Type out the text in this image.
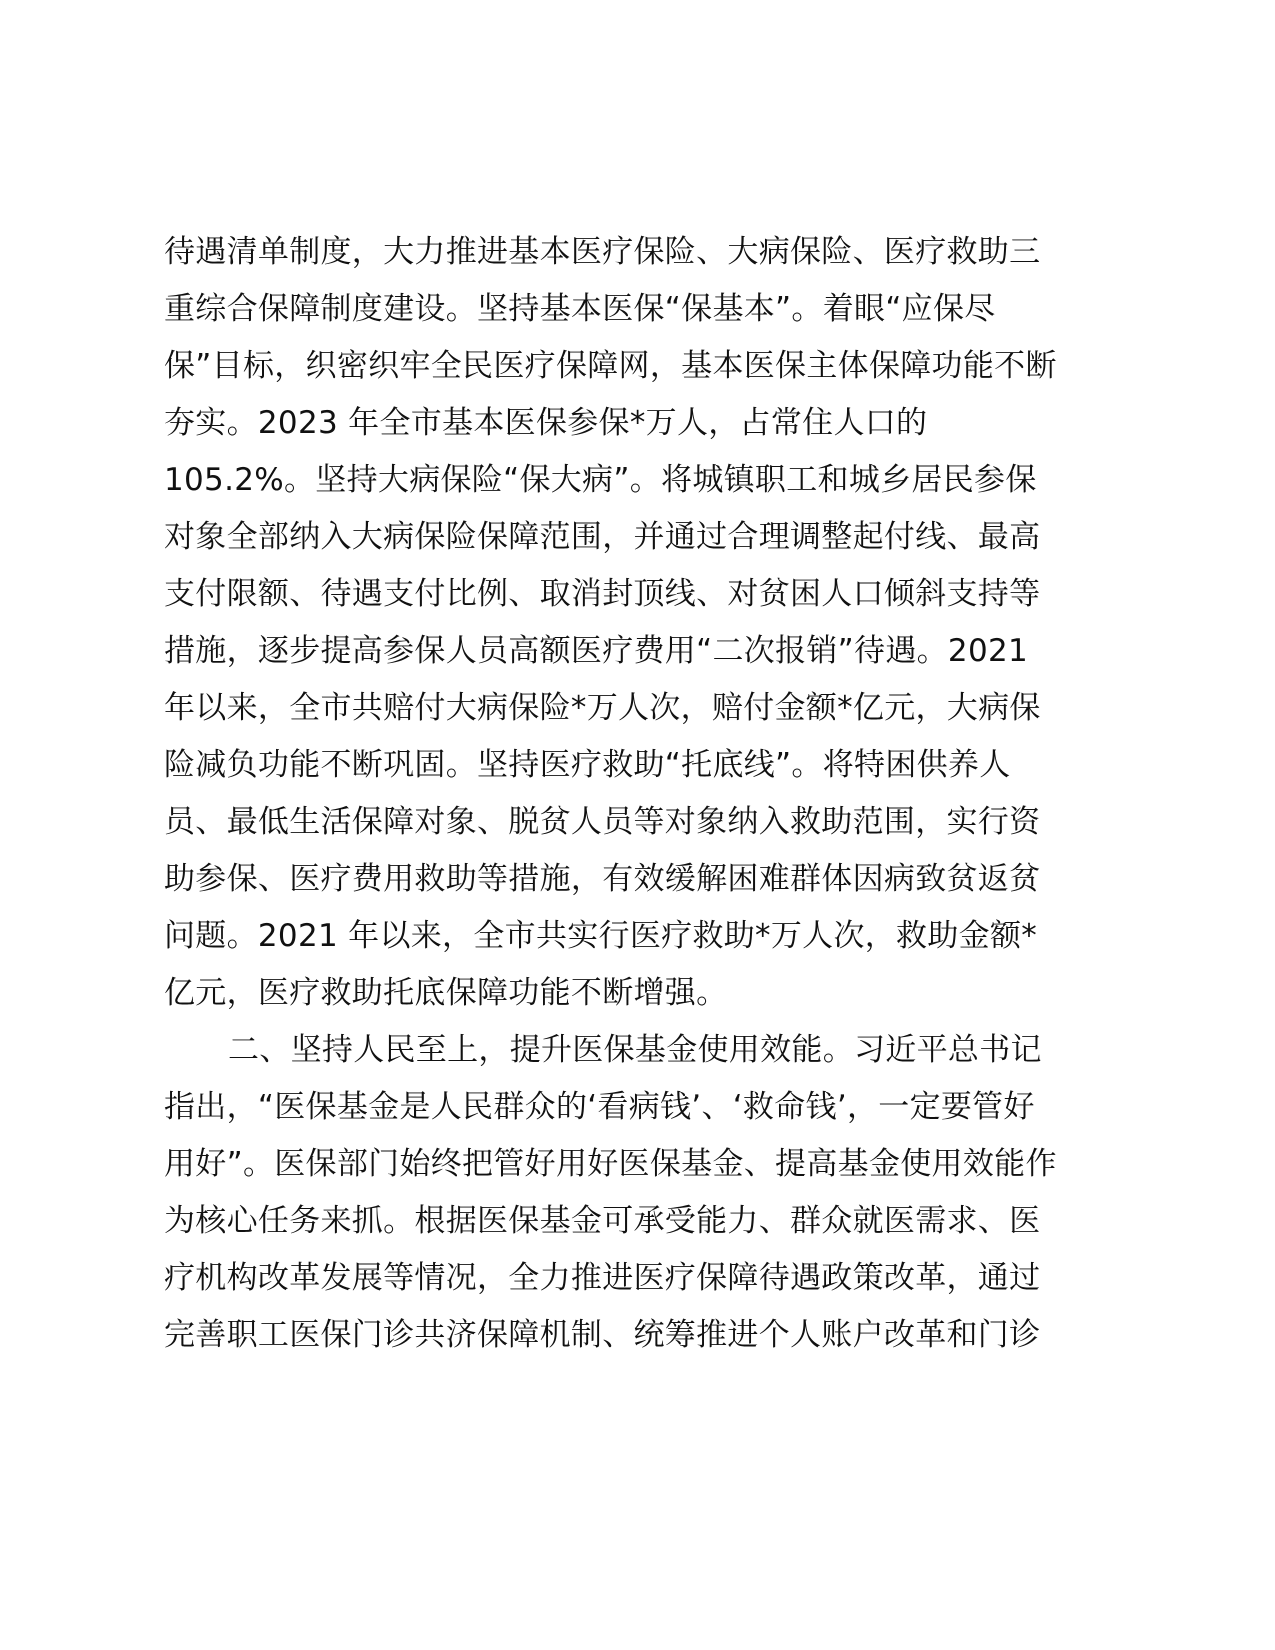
待遇清单制度，大力推进基本医疗保险、大病保险、医疗救助三
重综合保障制度建设。坚持基本医保“保基本”。着眼“应保尽
保”目标，织密织牢全民医疗保障网，基本医保主体保障功能不断
夯实。2023 年全市基本医保参保*万人，占常住人口的
105.2%。坚持大病保险“保大病”。将城镇职工和城乡居民参保
对象全部纳入大病保险保障范围，并通过合理调整起付线、最高
支付限额、待遇支付比例、取消封顶线、对贫困人口倾斜支持等
措施，逐步提高参保人员高额医疗费用“二次报销”待遇。2021
年以来，全市共赔付大病保险*万人次，赔付金额*亿元，大病保
险减负功能不断巩固。坚持医疗救助“托底线”。将特困供养人
员、最低生活保障对象、脱贫人员等对象纳入救助范围，实行资
助参保、医疗费用救助等措施，有效缓解困难群体因病致贫返贫
问题。2021 年以来，全市共实行医疗救助*万人次，救助金额*
亿元，医疗救助托底保障功能不断增强。
二、坚持人民至上，提升医保基金使用效能。习近平总书记
指出，“医保基金是人民群众的‘看病钱’、‘救命钱’，一定要管好
用好”。医保部门始终把管好用好医保基金、提高基金使用效能作
为核心任务来抓。根据医保基金可承受能力、群众就医需求、医
疗机构改革发展等情况，全力推进医疗保障待遇政策改革，通过
完善职工医保门诊共济保障机制、统筹推进个人账户改革和门诊
